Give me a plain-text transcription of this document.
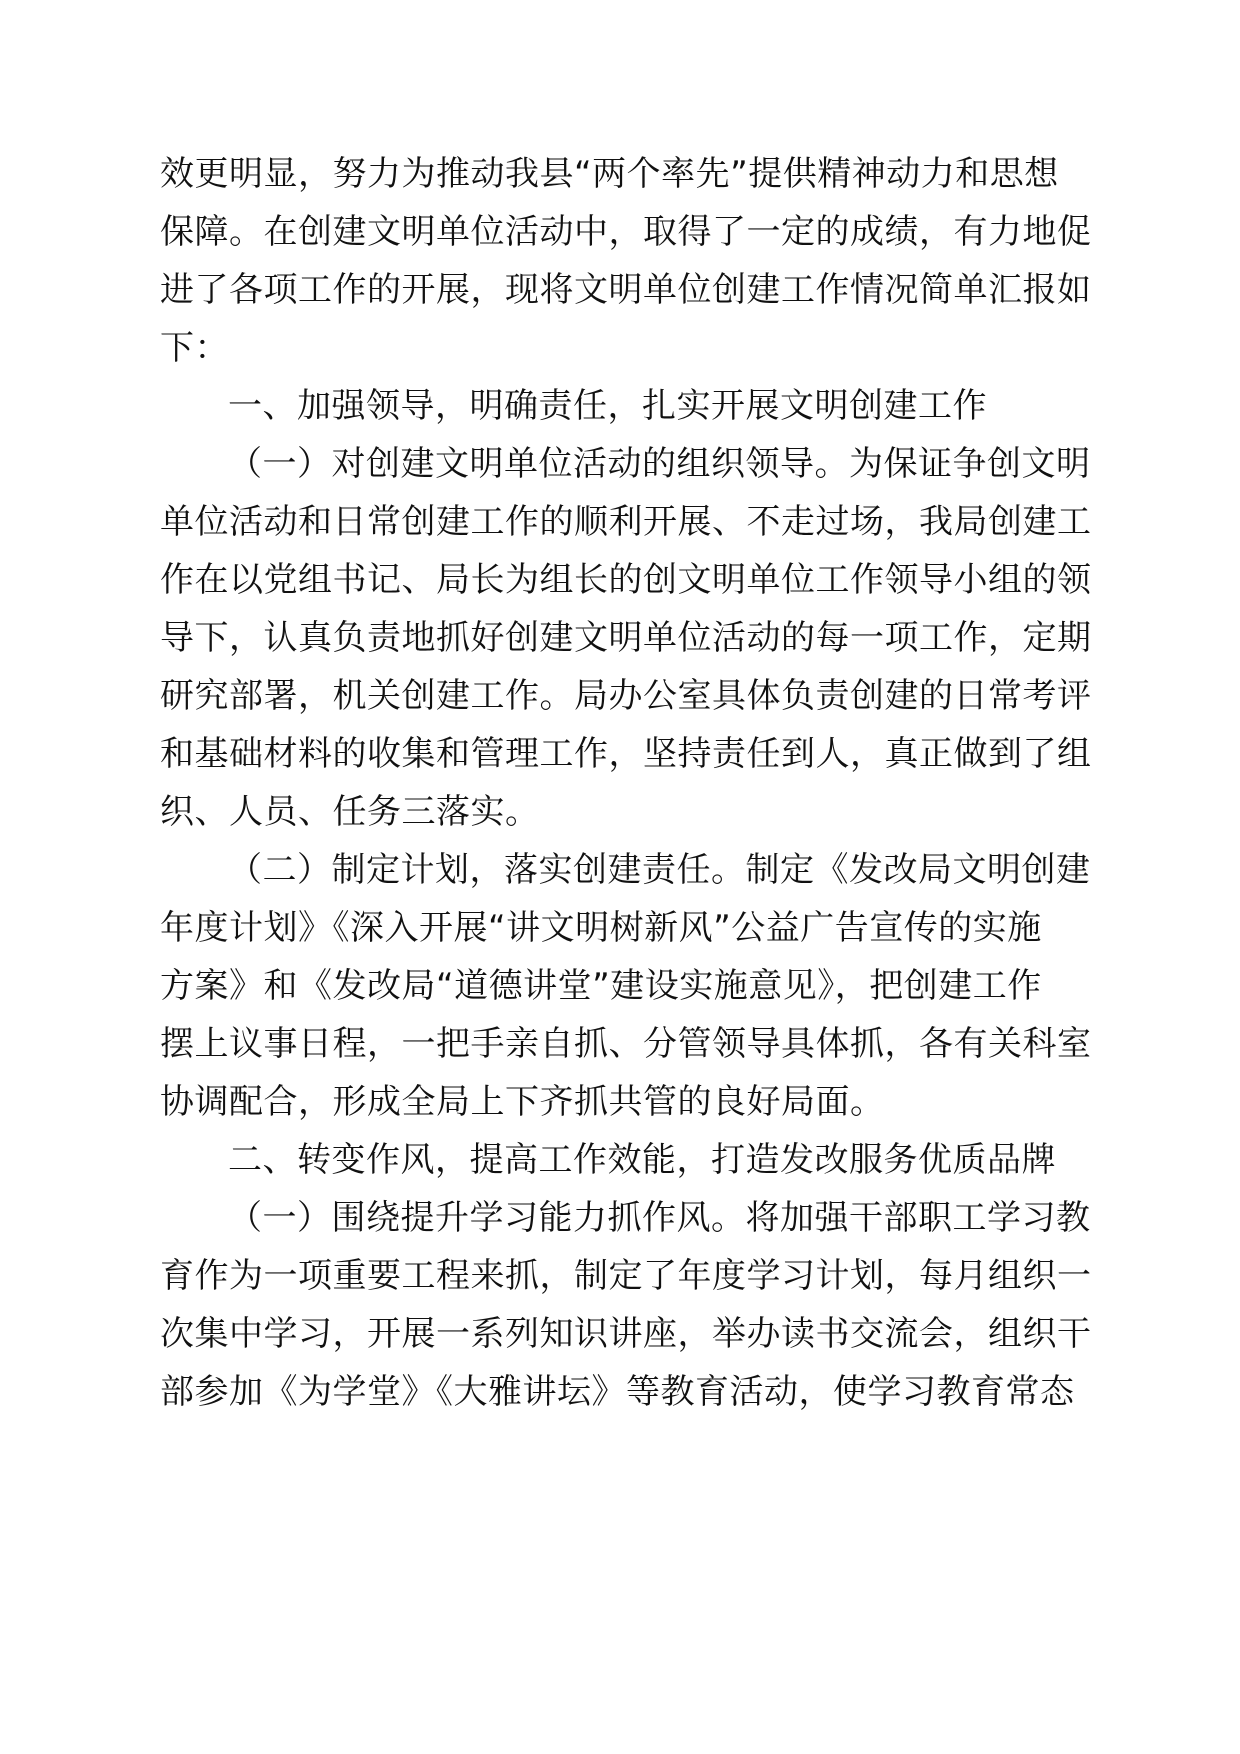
效更明显，努力为推动我县“两个率先”提供精神动力和思想
保障。在创建文明单位活动中，取得了一定的成绩，有力地促
进了各项工作的开展，现将文明单位创建工作情况简单汇报如
下：
一、加强领导，明确责任，扎实开展文明创建工作
（一）对创建文明单位活动的组织领导。为保证争创文明
单位活动和日常创建工作的顺利开展、不走过场，我局创建工
作在以党组书记、局长为组长的创文明单位工作领导小组的领
导下，认真负责地抓好创建文明单位活动的每一项工作，定期
研究部署，机关创建工作。局办公室具体负责创建的日常考评
和基础材料的收集和管理工作，坚持责任到人，真正做到了组
织、人员、任务三落实。
（二）制定计划，落实创建责任。制定《发改局文明创建
年度计划》《深入开展“讲文明树新风”公益广告宣传的实施
方案》和《发改局“道德讲堂”建设实施意见》，把创建工作
摆上议事日程，一把手亲自抓、分管领导具体抓，各有关科室
协调配合，形成全局上下齐抓共管的良好局面。
二、转变作风，提高工作效能，打造发改服务优质品牌
（一）围绕提升学习能力抓作风。将加强干部职工学习教
育作为一项重要工程来抓，制定了年度学习计划，每月组织一
次集中学习，开展一系列知识讲座，举办读书交流会，组织干
部参加《为学堂》《大雅讲坛》等教育活动，使学习教育常态
